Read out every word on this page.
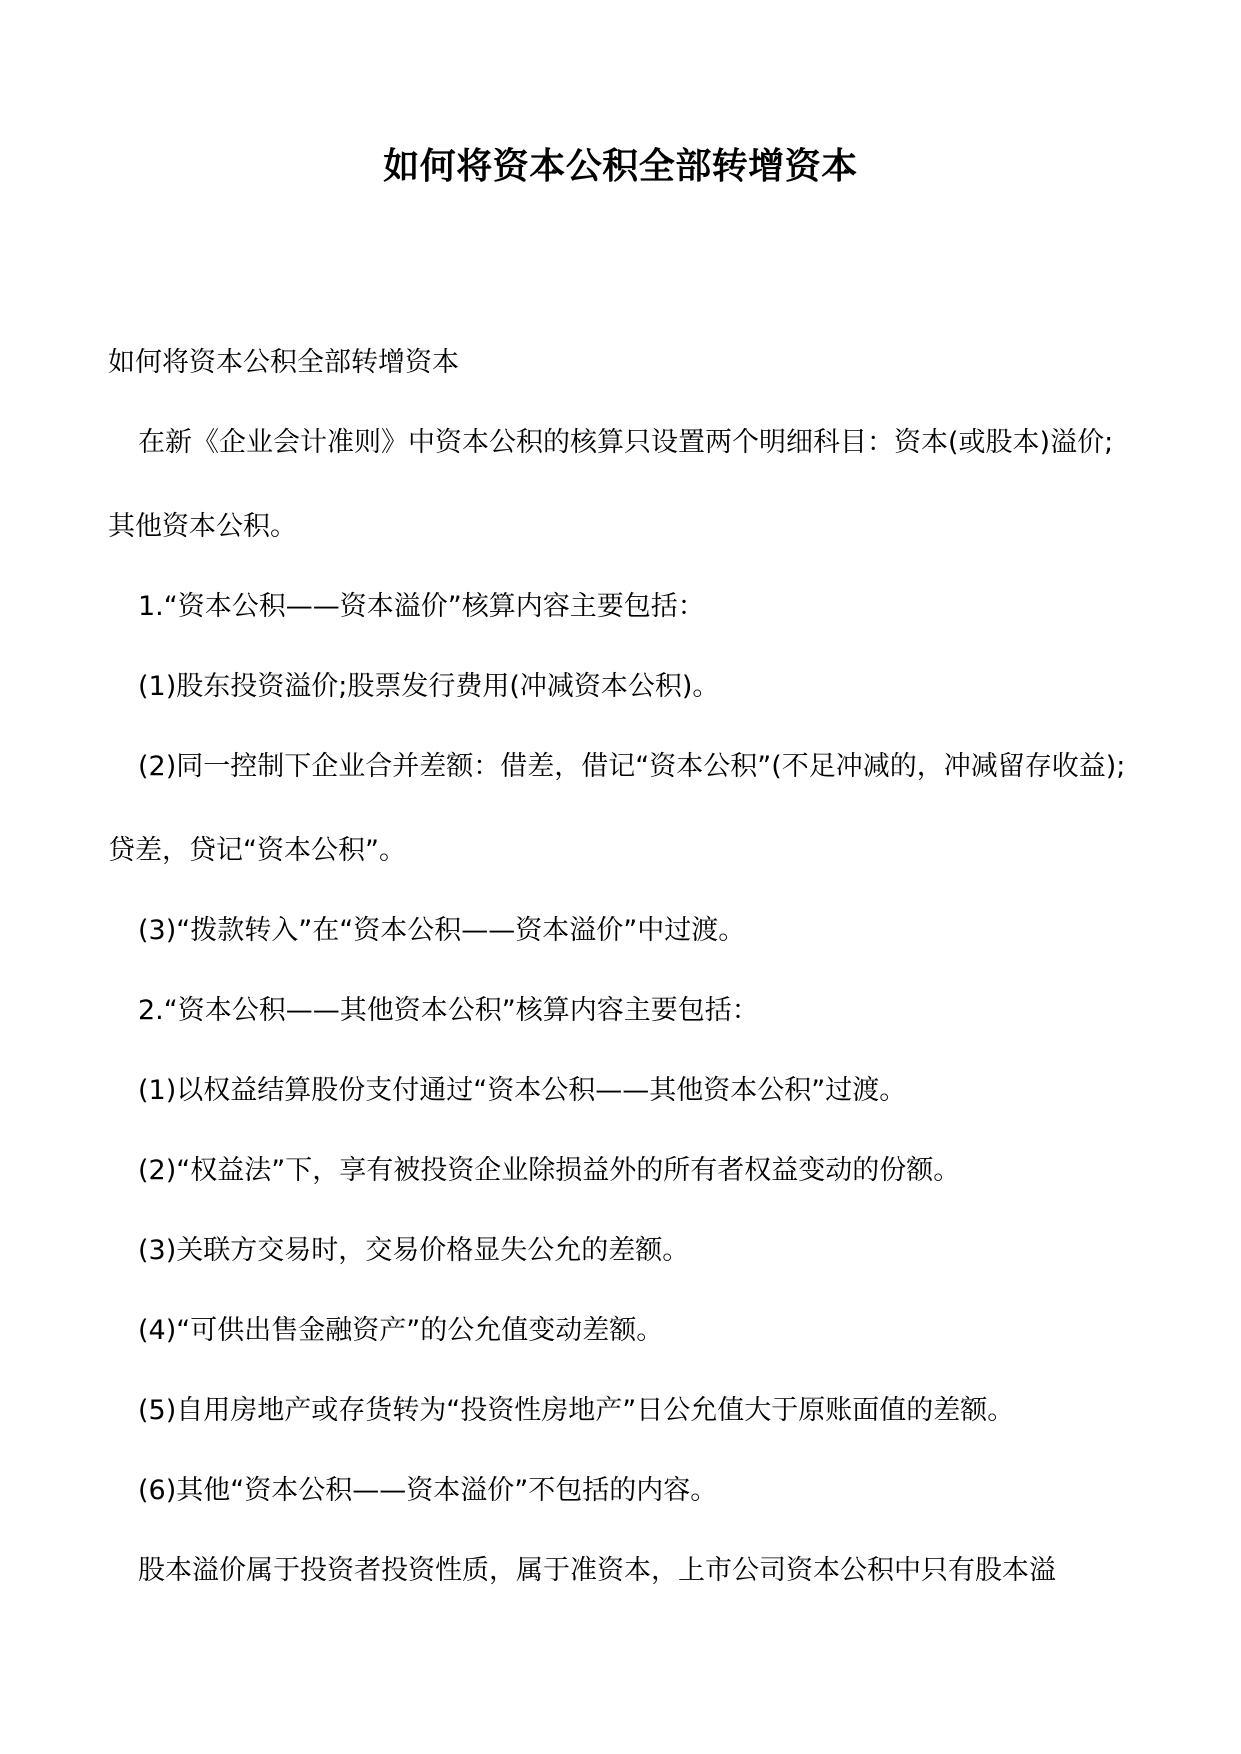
如何将资本公积全部转增资本

如何将资本公积全部转增资本

在新《企业会计准则》中资本公积的核算只设置两个明细科目：资本(或股本)溢价;其他资本公积。

1.“资本公积——资本溢价”核算内容主要包括：

(1)股东投资溢价;股票发行费用(冲减资本公积)。

(2)同一控制下企业合并差额：借差，借记“资本公积”(不足冲减的，冲减留存收益);贷差，贷记“资本公积”。

(3)“拨款转入”在“资本公积——资本溢价”中过渡。

2.“资本公积——其他资本公积”核算内容主要包括：

(1)以权益结算股份支付通过“资本公积——其他资本公积”过渡。

(2)“权益法”下，享有被投资企业除损益外的所有者权益变动的份额。

(3)关联方交易时，交易价格显失公允的差额。

(4)“可供出售金融资产”的公允值变动差额。

(5)自用房地产或存货转为“投资性房地产”日公允值大于原账面值的差额。

(6)其他“资本公积——资本溢价”不包括的内容。

股本溢价属于投资者投资性质，属于准资本，上市公司资本公积中只有股本溢
